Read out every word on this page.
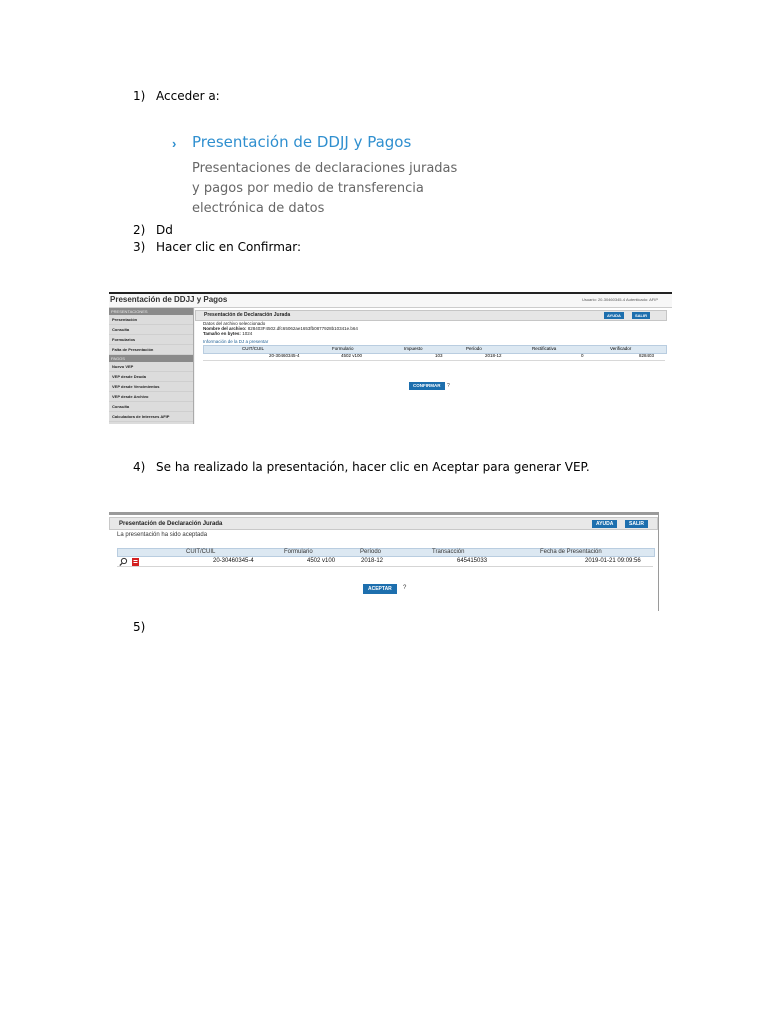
1) Acceder a:
› Presentación de DDJJ y Pagos
Presentaciones de declaraciones juradas y pagos por medio de transferencia electrónica de datos
2) Dd
3) Hacer clic en Confirmar:
Presentación de DDJJ y Pagos	Usuario: 20-30460345-4 Autenticado: AFIP
PRESENTACIONES
Presentación
Consulta
Formularios
Falta de Presentación
PAGOS
Nuevo VEP
VEP desde Deuda
VEP desde Vencimientos
VEP desde Archivo
Consulta
Calculadora de Intereses AFIP
Presentación de Declaración Jurada	AYUDA	SALIR
Datos del archivo seleccionado
Nombre del archivo: 828403F4502.dfc65062ae1653fb0877928b10341e.b64
Tamaño en bytes: 1024
Información de la DJ a presentar
CUIT/CUIL	Formulario	Impuesto	Período	Rectificativa	Verificador
20-30460345-4	4502 v100	103	2018-12	0	828403
CONFIRMAR	?
4) Se ha realizado la presentación, hacer clic en Aceptar para generar VEP.
Presentación de Declaración Jurada	AYUDA	SALIR
La presentación ha sido aceptada
CUIT/CUIL	Formulario	Período	Transacción	Fecha de Presentación
20-30460345-4	4502 v100	2018-12	645415033	2019-01-21 09:09:56
ACEPTAR	?
5)
